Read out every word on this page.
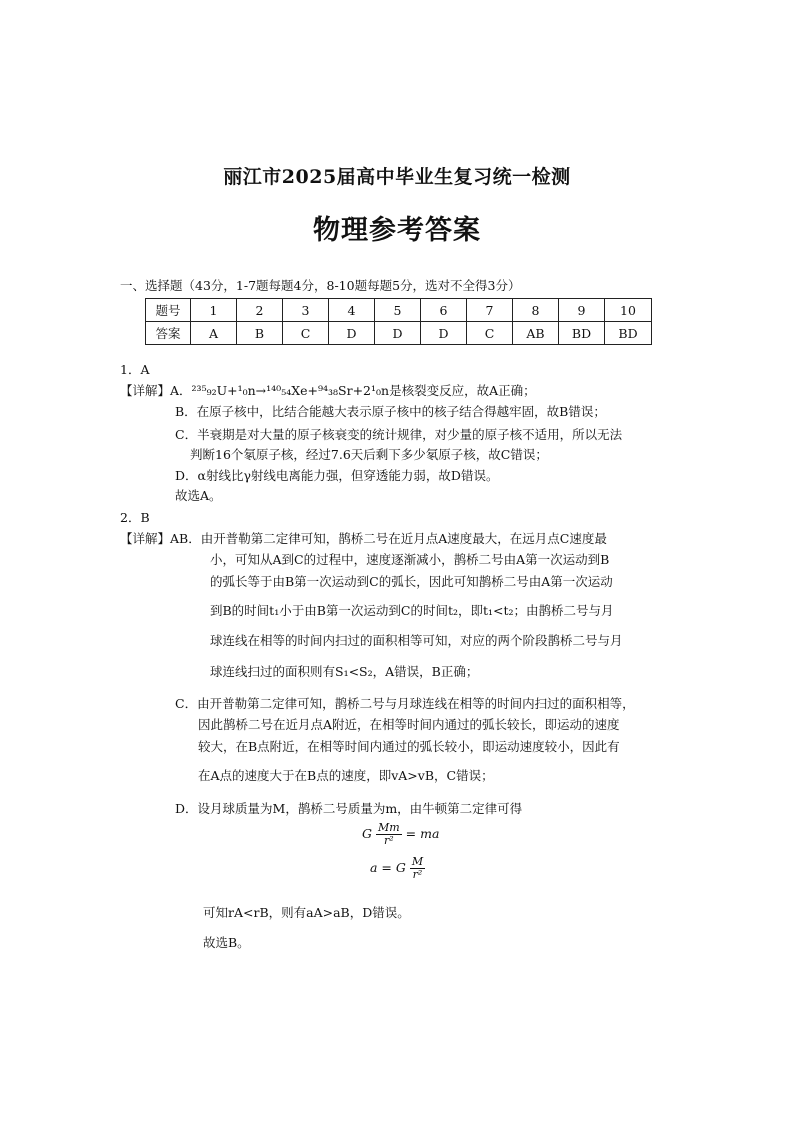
丽江市2025届高中毕业生复习统一检测
物理参考答案
一、选择题（43分，1-7题每题4分，8-10题每题5分，选对不全得3分）
题号	1	2	3	4	5	6	7	8	9	10
答案	A	B	C	D	D	D	C	AB	BD	BD
1．A
【详解】A．²³⁵₉₂U+¹₀n→¹⁴⁰₅₄Xe+⁹⁴₃₈Sr+2¹₀n是核裂变反应，故A正确；
B．在原子核中，比结合能越大表示原子核中的核子结合得越牢固，故B错误；
C．半衰期是对大量的原子核衰变的统计规律，对少量的原子核不适用，所以无法
判断16个氡原子核，经过7.6天后剩下多少氡原子核，故C错误；
D．α射线比γ射线电离能力强，但穿透能力弱，故D错误。
故选A。
2．B
【详解】AB．由开普勒第二定律可知，鹊桥二号在近月点A速度最大，在远月点C速度最
小，可知从A到C的过程中，速度逐渐减小，鹊桥二号由A第一次运动到B
的弧长等于由B第一次运动到C的弧长，因此可知鹊桥二号由A第一次运动
到B的时间t₁小于由B第一次运动到C的时间t₂，即t₁<t₂；由鹊桥二号与月
球连线在相等的时间内扫过的面积相等可知，对应的两个阶段鹊桥二号与月
球连线扫过的面积则有S₁<S₂，A错误，B正确；
C．由开普勒第二定律可知，鹊桥二号与月球连线在相等的时间内扫过的面积相等，
因此鹊桥二号在近月点A附近，在相等时间内通过的弧长较长，即运动的速度
较大，在B点附近，在相等时间内通过的弧长较小，即运动速度较小，因此有
在A点的速度大于在B点的速度，即vA>vB，C错误；
D．设月球质量为M，鹊桥二号质量为m，由牛顿第二定律可得
G $\frac{Mm}{\text{r²}}$ = ma
a = G $\frac{M}{\text{r²}}$
可知rA<rB，则有aA>aB，D错误。
故选B。
